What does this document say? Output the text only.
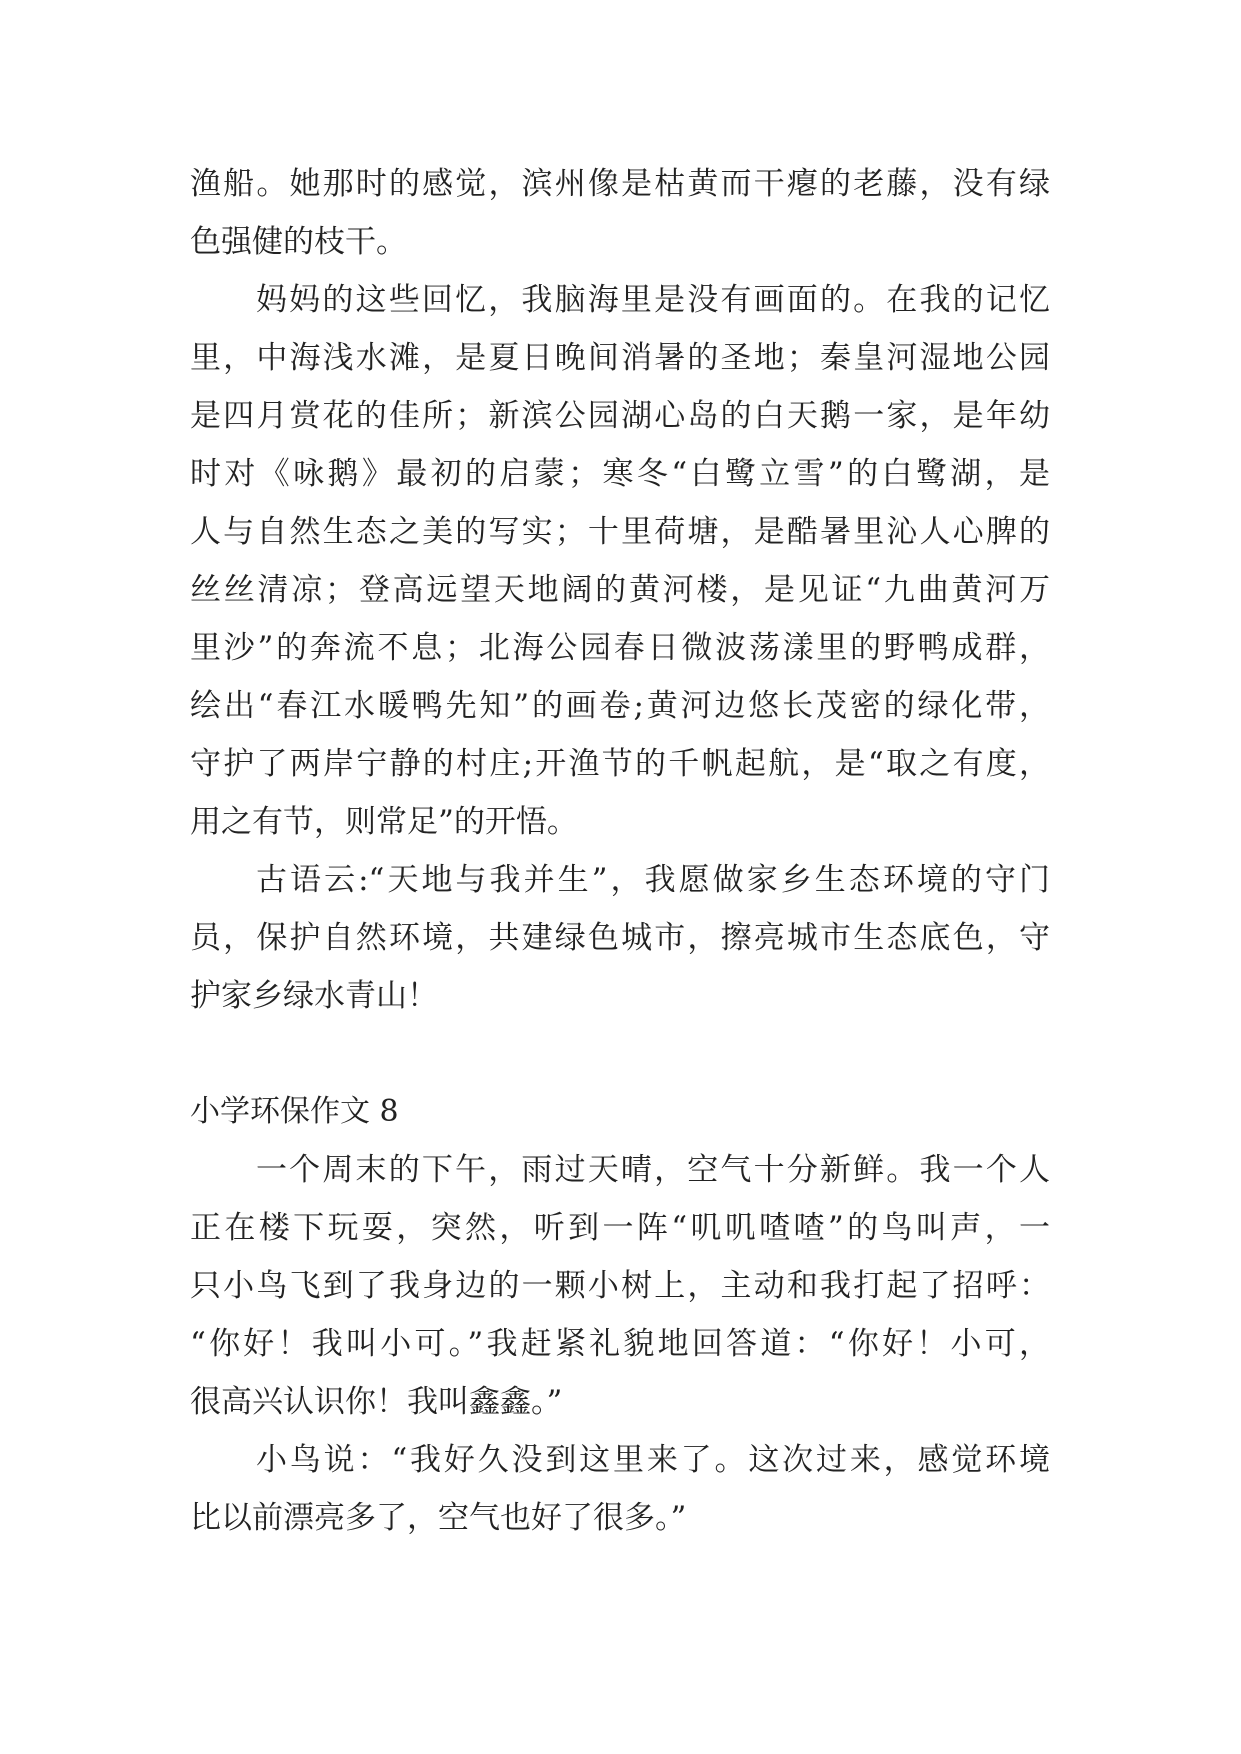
渔船。她那时的感觉，滨州像是枯黄而干瘪的老藤，没有绿
色强健的枝干。
妈妈的这些回忆，我脑海里是没有画面的。在我的记忆
里，中海浅水滩，是夏日晚间消暑的圣地；秦皇河湿地公园
是四月赏花的佳所；新滨公园湖心岛的白天鹅一家，是年幼
时对《咏鹅》最初的启蒙；寒冬“白鹭立雪”的白鹭湖，是
人与自然生态之美的写实；十里荷塘，是酷暑里沁人心脾的
丝丝清凉；登高远望天地阔的黄河楼，是见证“九曲黄河万
里沙”的奔流不息；北海公园春日微波荡漾里的野鸭成群，
绘出“春江水暖鸭先知”的画卷;黄河边悠长茂密的绿化带，
守护了两岸宁静的村庄;开渔节的千帆起航，是“取之有度，
用之有节，则常足”的开悟。
古语云:“天地与我并生”，我愿做家乡生态环境的守门
员，保护自然环境，共建绿色城市，擦亮城市生态底色，守
护家乡绿水青山！
小学环保作文 8
一个周末的下午，雨过天晴，空气十分新鲜。我一个人
正在楼下玩耍，突然，听到一阵“叽叽喳喳”的鸟叫声，一
只小鸟飞到了我身边的一颗小树上，主动和我打起了招呼：
“你好！我叫小可。”我赶紧礼貌地回答道：“你好！小可，
很高兴认识你！我叫鑫鑫。”
小鸟说：“我好久没到这里来了。这次过来，感觉环境
比以前漂亮多了，空气也好了很多。”
